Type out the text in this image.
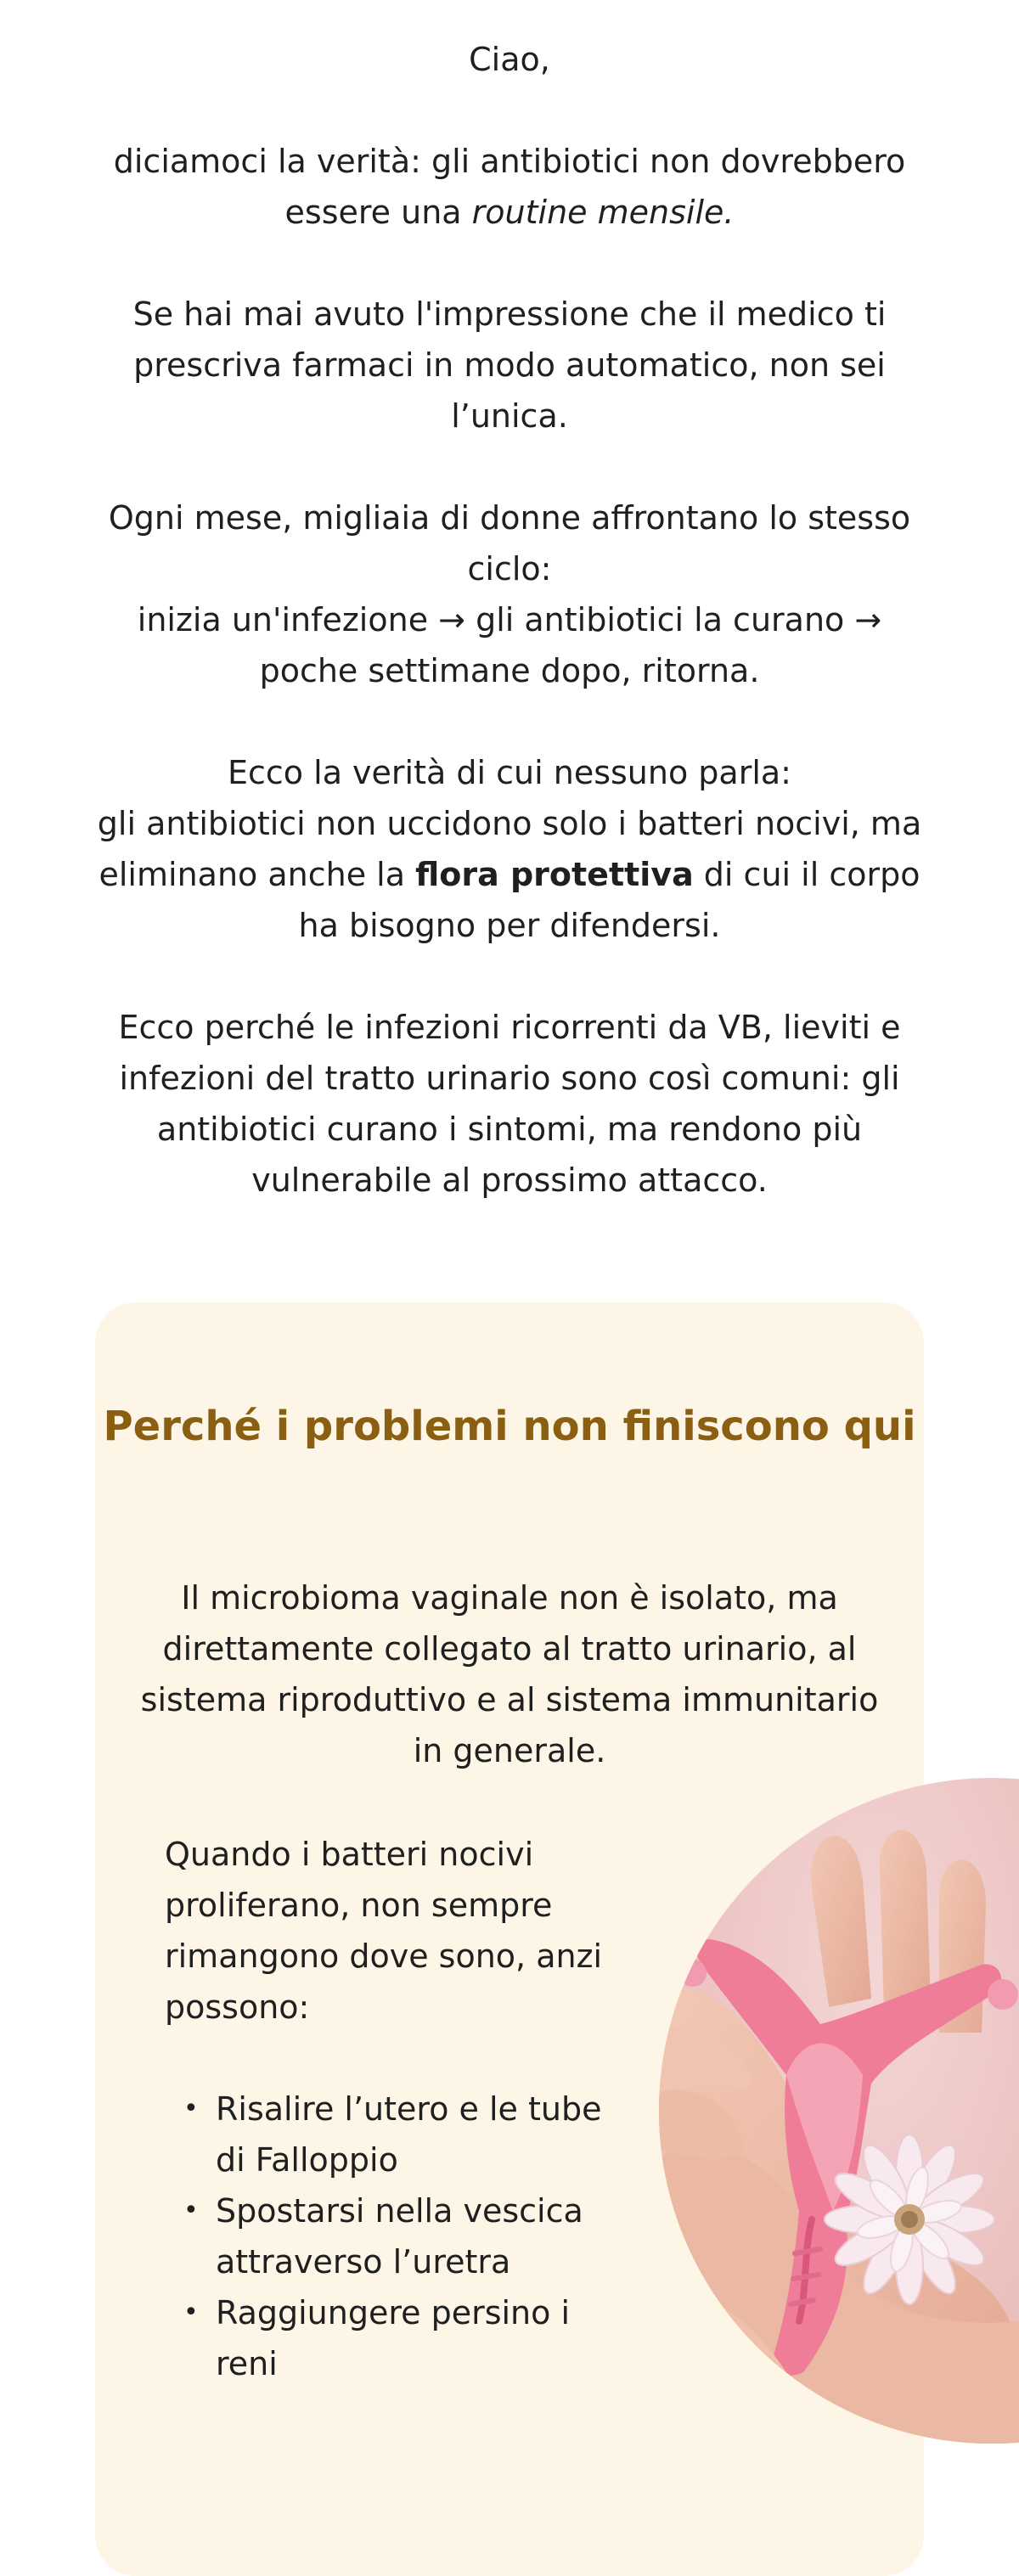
Ciao,

diciamoci la verità: gli antibiotici non dovrebbero essere una routine mensile.

Se hai mai avuto l'impressione che il medico ti prescriva farmaci in modo automatico, non sei l’unica.

Ogni mese, migliaia di donne affrontano lo stesso ciclo:
inizia un'infezione → gli antibiotici la curano → poche settimane dopo, ritorna.

Ecco la verità di cui nessuno parla:
gli antibiotici non uccidono solo i batteri nocivi, ma eliminano anche la flora protettiva di cui il corpo ha bisogno per difendersi.

Ecco perché le infezioni ricorrenti da VB, lieviti e infezioni del tratto urinario sono così comuni: gli antibiotici curano i sintomi, ma rendono più vulnerabile al prossimo attacco.

Perché i problemi non finiscono qui

Il microbioma vaginale non è isolato, ma direttamente collegato al tratto urinario, al sistema riproduttivo e al sistema immunitario in generale.

Quando i batteri nocivi proliferano, non sempre rimangono dove sono, anzi possono:

• Risalire l’utero e le tube di Falloppio
• Spostarsi nella vescica attraverso l’uretra
• Raggiungere persino i reni
